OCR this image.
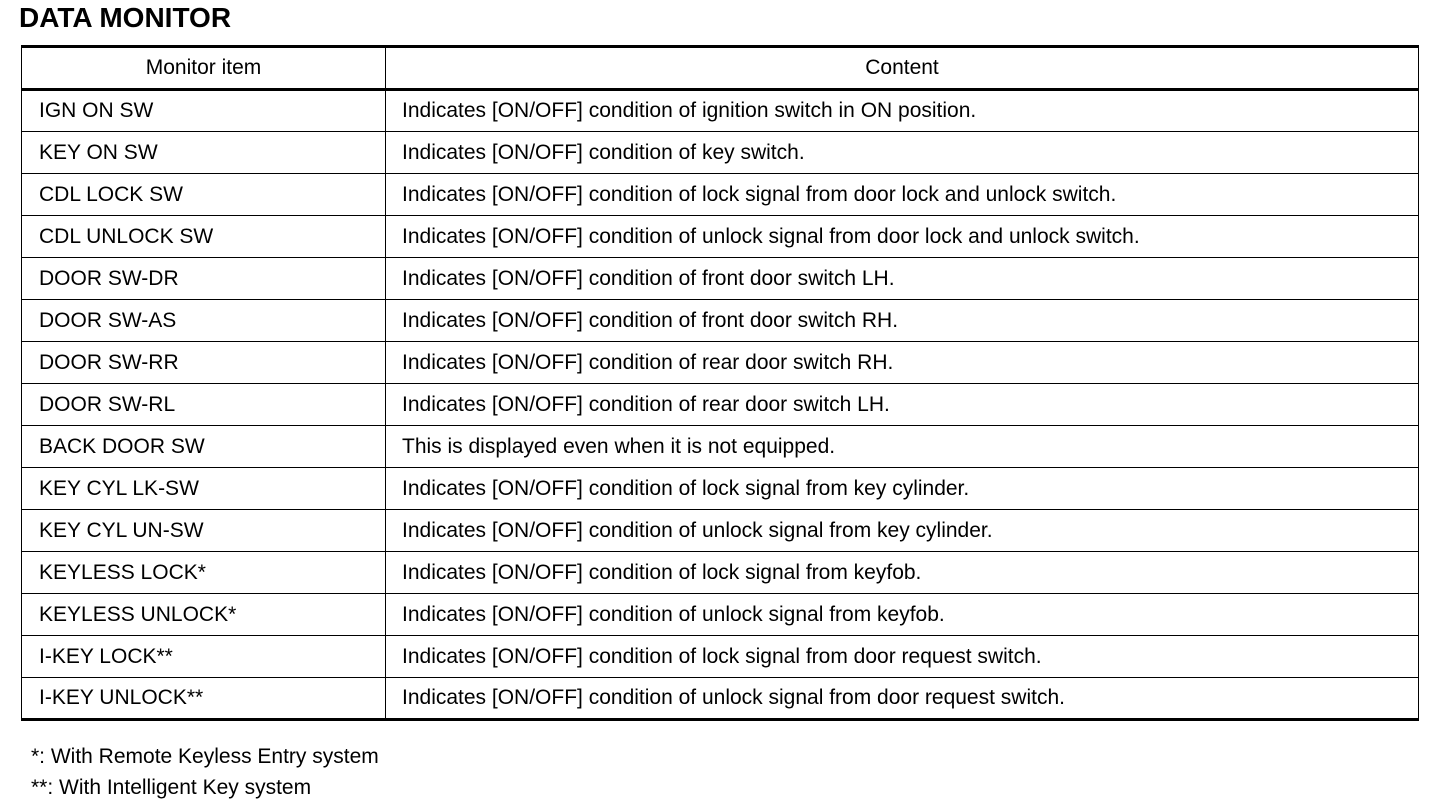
DATA MONITOR
Monitor item	Content
IGN ON SW	Indicates [ON/OFF] condition of ignition switch in ON position.
KEY ON SW	Indicates [ON/OFF] condition of key switch.
CDL LOCK SW	Indicates [ON/OFF] condition of lock signal from door lock and unlock switch.
CDL UNLOCK SW	Indicates [ON/OFF] condition of unlock signal from door lock and unlock switch.
DOOR SW-DR	Indicates [ON/OFF] condition of front door switch LH.
DOOR SW-AS	Indicates [ON/OFF] condition of front door switch RH.
DOOR SW-RR	Indicates [ON/OFF] condition of rear door switch RH.
DOOR SW-RL	Indicates [ON/OFF] condition of rear door switch LH.
BACK DOOR SW	This is displayed even when it is not equipped.
KEY CYL LK-SW	Indicates [ON/OFF] condition of lock signal from key cylinder.
KEY CYL UN-SW	Indicates [ON/OFF] condition of unlock signal from key cylinder.
KEYLESS LOCK*	Indicates [ON/OFF] condition of lock signal from keyfob.
KEYLESS UNLOCK*	Indicates [ON/OFF] condition of unlock signal from keyfob.
I-KEY LOCK**	Indicates [ON/OFF] condition of lock signal from door request switch.
I-KEY UNLOCK**	Indicates [ON/OFF] condition of unlock signal from door request switch.
*: With Remote Keyless Entry system
**: With Intelligent Key system
